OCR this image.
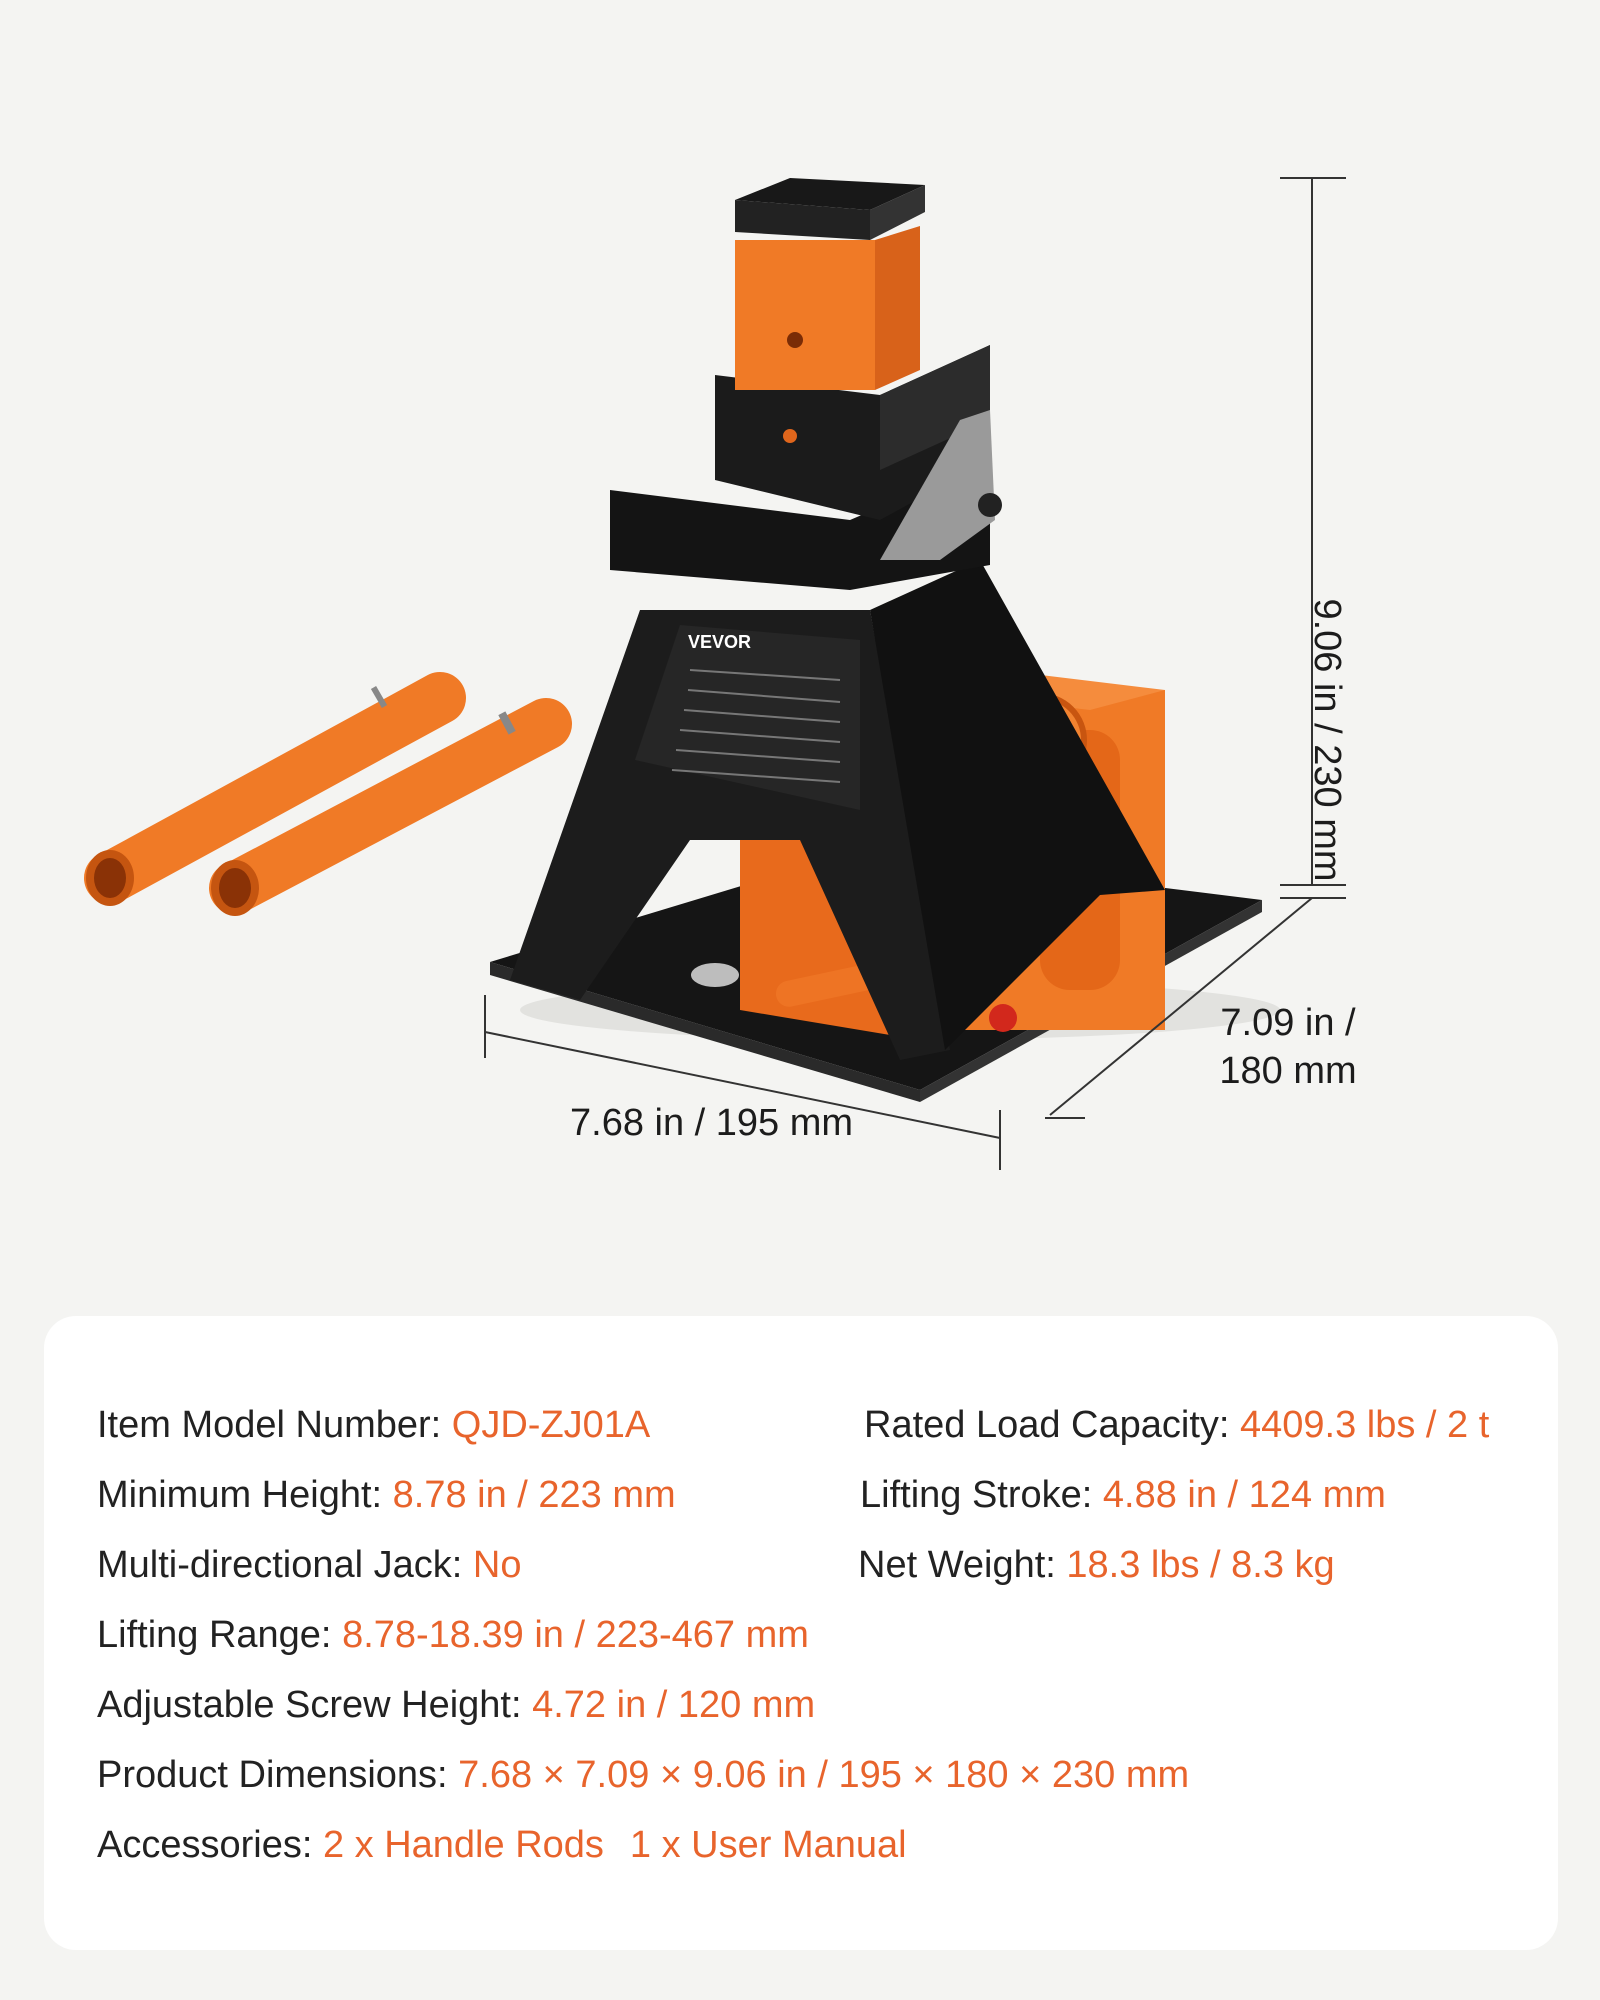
VEVOR
7.68 in / 195 mm
7.09 in /
180 mm
9.06 in / 230 mm
Item Model Number: QJD-ZJ01A
Minimum Height: 8.78 in / 223 mm
Multi-directional Jack: No
Lifting Range: 8.78-18.39 in / 223-467 mm
Adjustable Screw Height: 4.72 in / 120 mm
Product Dimensions: 7.68 × 7.09 × 9.06 in / 195 × 180 × 230 mm
Accessories: 2 x Handle Rods 1 x User Manual
Rated Load Capacity: 4409.3 lbs / 2 t
Lifting Stroke: 4.88 in / 124 mm
Net Weight: 18.3 lbs / 8.3 kg
